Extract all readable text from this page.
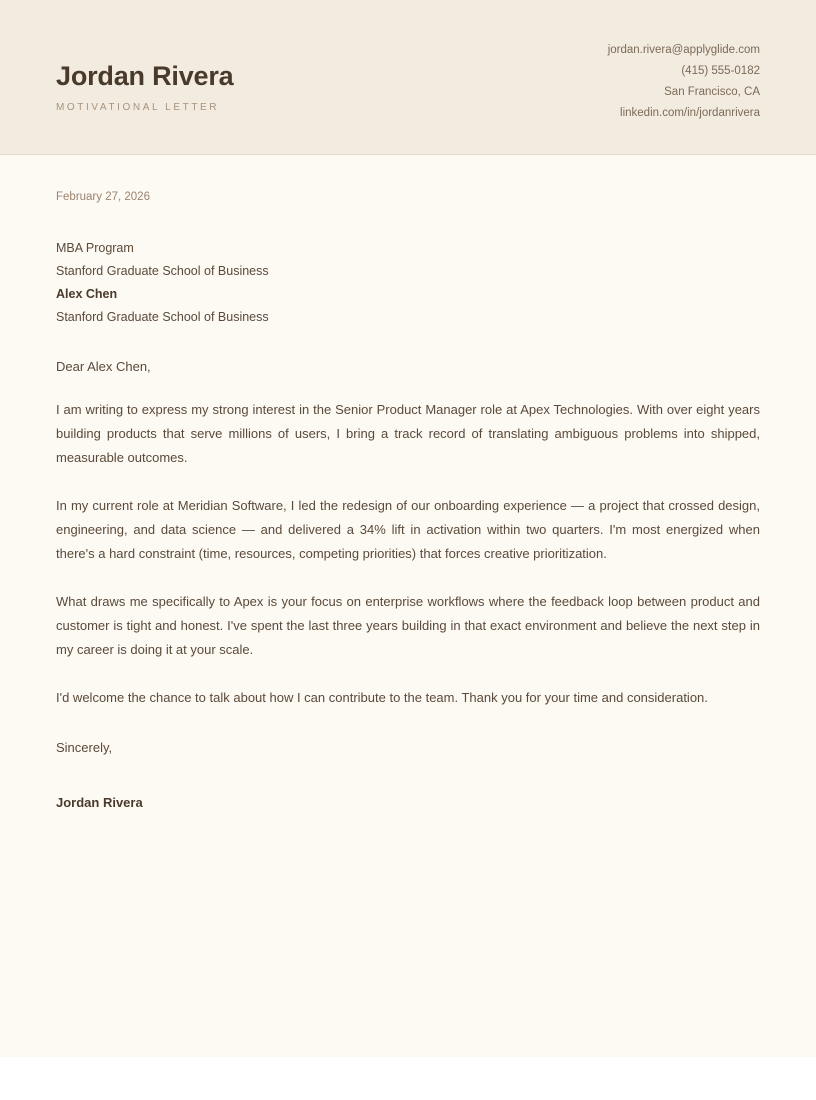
Jordan Rivera
MOTIVATIONAL LETTER
jordan.rivera@applyglide.com
(415) 555-0182
San Francisco, CA
linkedin.com/in/jordanrivera
February 27, 2026
MBA Program
Stanford Graduate School of Business
Alex Chen
Stanford Graduate School of Business
Dear Alex Chen,

I am writing to express my strong interest in the Senior Product Manager role at Apex Technologies. With over eight years building products that serve millions of users, I bring a track record of translating ambiguous problems into shipped, measurable outcomes.

In my current role at Meridian Software, I led the redesign of our onboarding experience — a project that crossed design, engineering, and data science — and delivered a 34% lift in activation within two quarters. I'm most energized when there's a hard constraint (time, resources, competing priorities) that forces creative prioritization.

What draws me specifically to Apex is your focus on enterprise workflows where the feedback loop between product and customer is tight and honest. I've spent the last three years building in that exact environment and believe the next step in my career is doing it at your scale.

I'd welcome the chance to talk about how I can contribute to the team. Thank you for your time and consideration.

Sincerely,
Jordan Rivera
